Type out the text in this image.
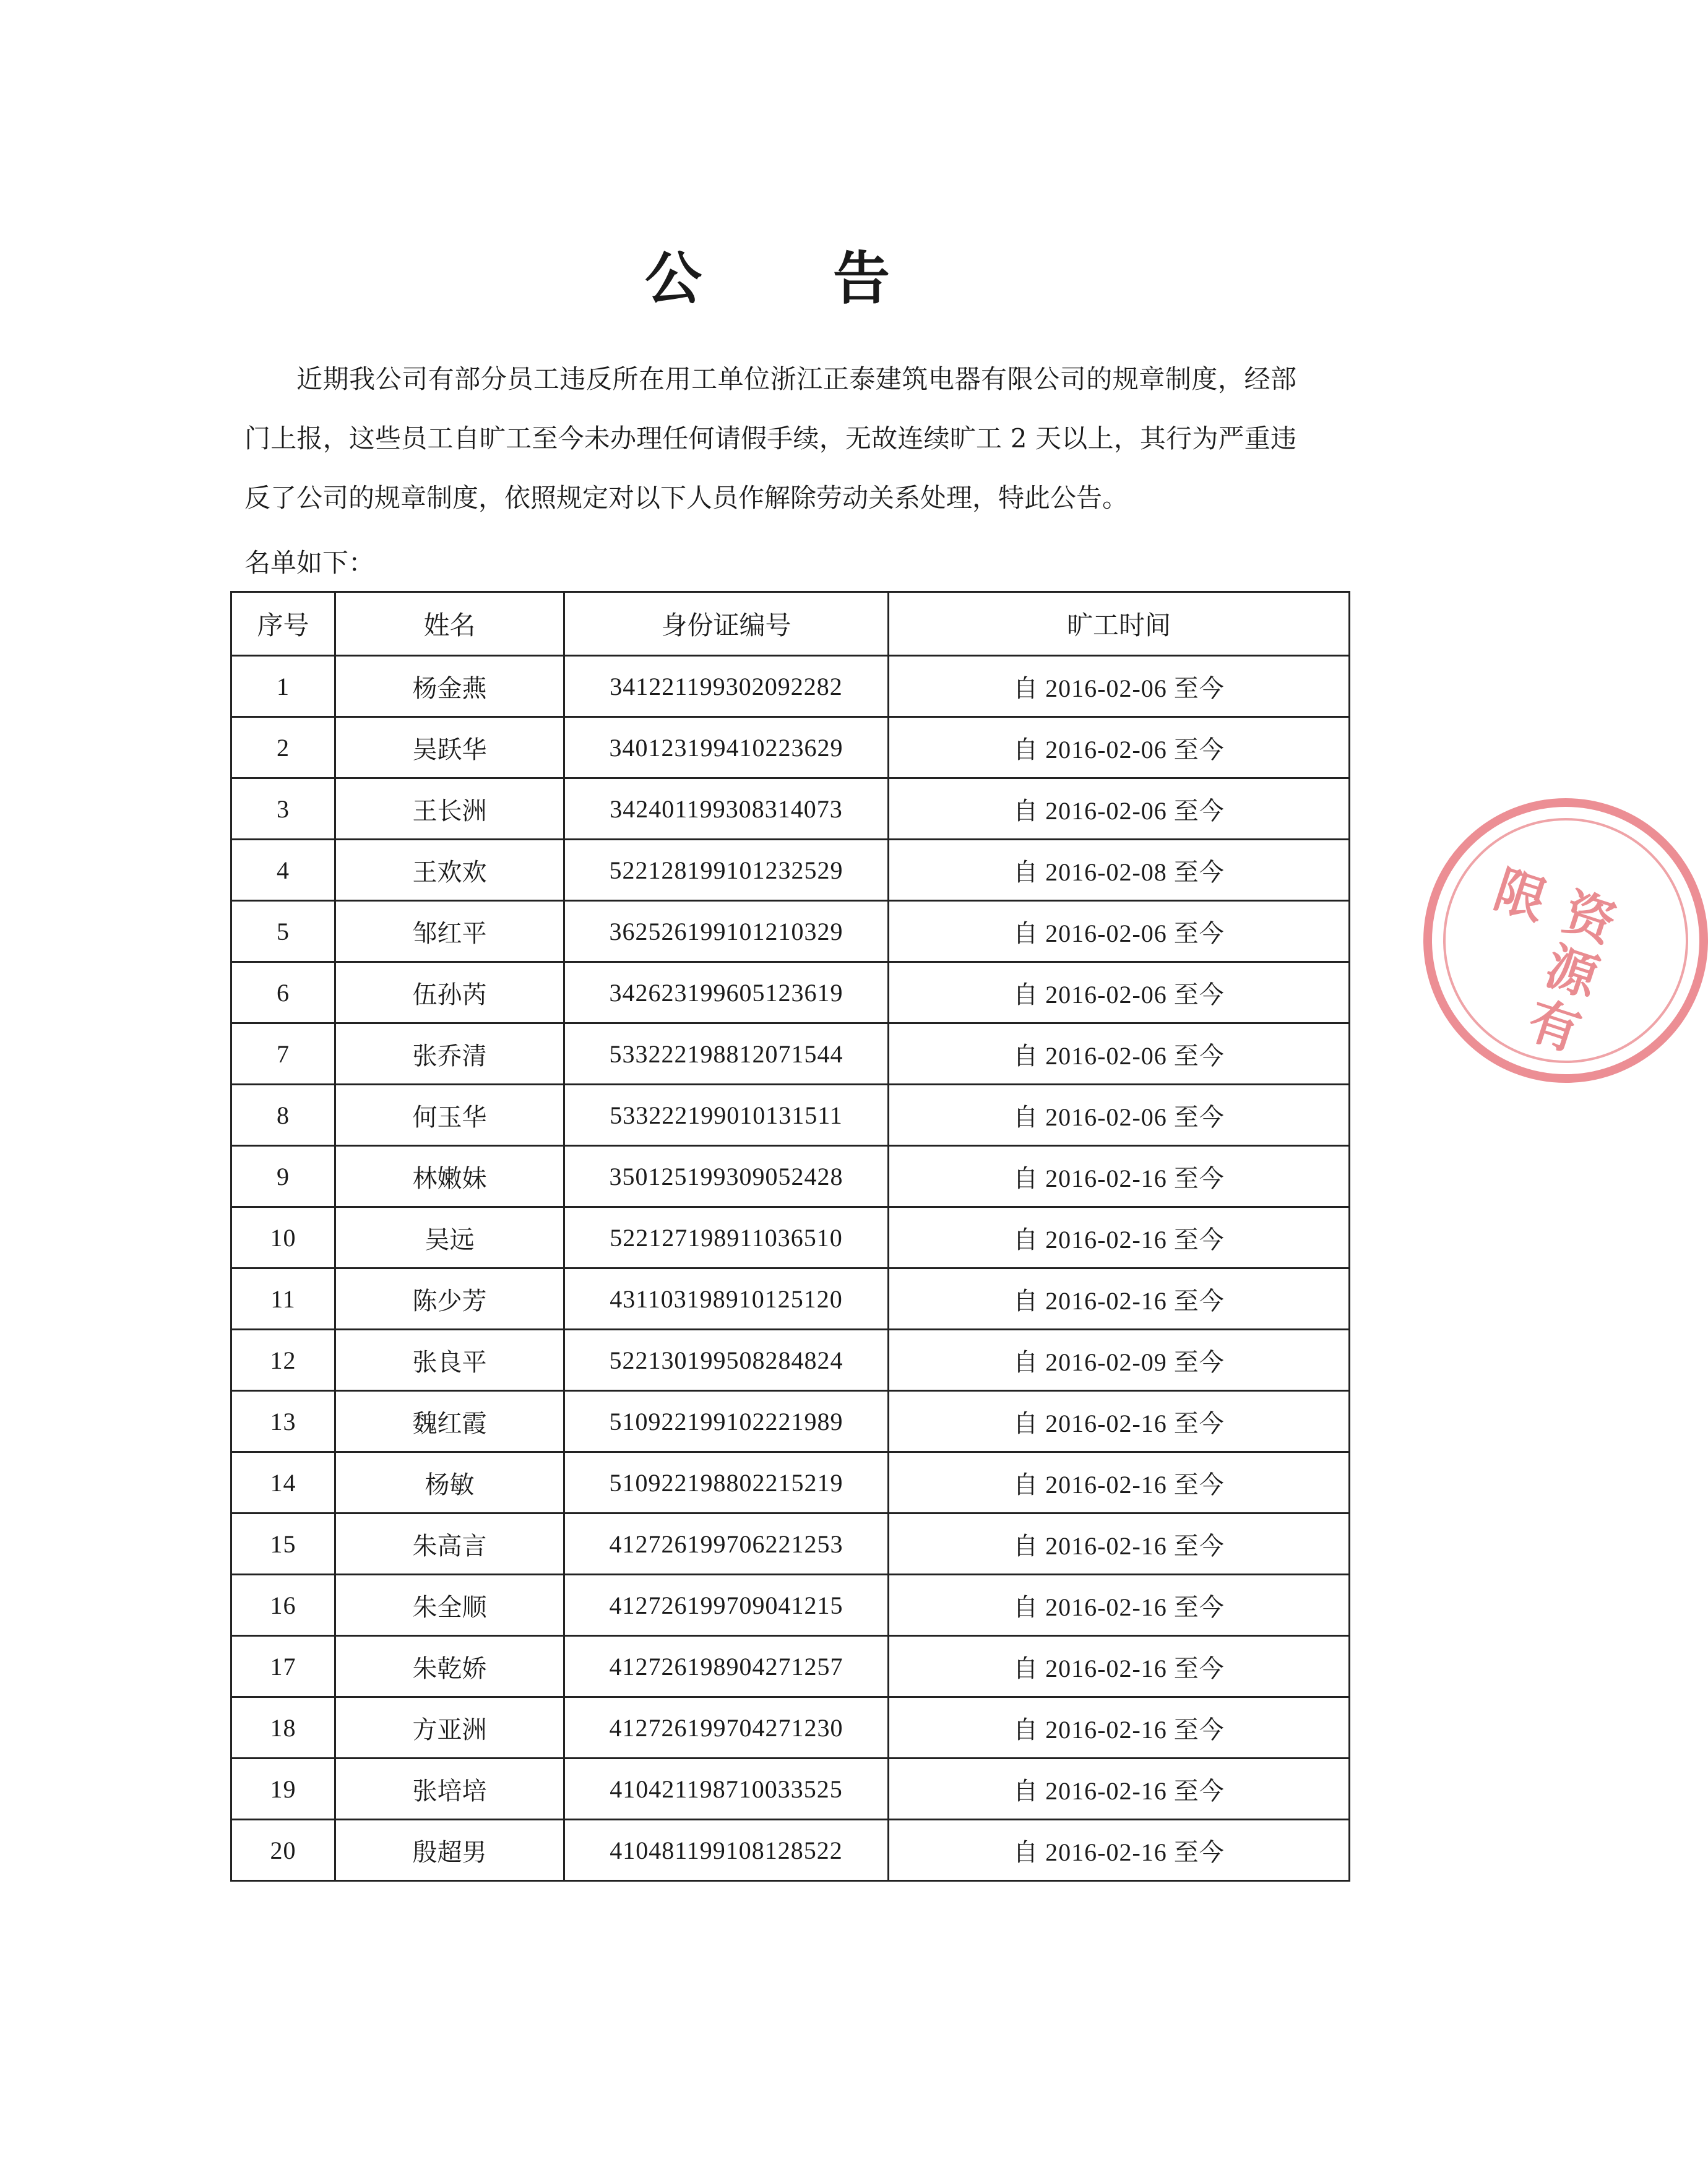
公 告

近期我公司有部分员工违反所在用工单位浙江正泰建筑电器有限公司的规章制度，经部门上报，这些员工自旷工至今未办理任何请假手续，无故连续旷工 2 天以上，其行为严重违反了公司的规章制度，依照规定对以下人员作解除劳动关系处理，特此公告。

名单如下：
序号	姓名	身份证编号	旷工时间
1	杨金燕	341221199302092282	自 2016-02-06 至今
2	吴跃华	340123199410223629	自 2016-02-06 至今
3	王长洲	342401199308314073	自 2016-02-06 至今
4	王欢欢	522128199101232529	自 2016-02-08 至今
5	邹红平	362526199101210329	自 2016-02-06 至今
6	伍孙芮	342623199605123619	自 2016-02-06 至今
7	张乔清	533222198812071544	自 2016-02-06 至今
8	何玉华	533222199010131511	自 2016-02-06 至今
9	林嫩妹	350125199309052428	自 2016-02-16 至今
10	吴远	522127198911036510	自 2016-02-16 至今
11	陈少芳	431103198910125120	自 2016-02-16 至今
12	张良平	522130199508284824	自 2016-02-09 至今
13	魏红霞	510922199102221989	自 2016-02-16 至今
14	杨敏	510922198802215219	自 2016-02-16 至今
15	朱高言	412726199706221253	自 2016-02-16 至今
16	朱全顺	412726199709041215	自 2016-02-16 至今
17	朱乾娇	412726198904271257	自 2016-02-16 至今
18	方亚洲	412726199704271230	自 2016-02-16 至今
19	张培培	410421198710033525	自 2016-02-16 至今
20	殷超男	410481199108128522	自 2016-02-16 至今
资源有限
